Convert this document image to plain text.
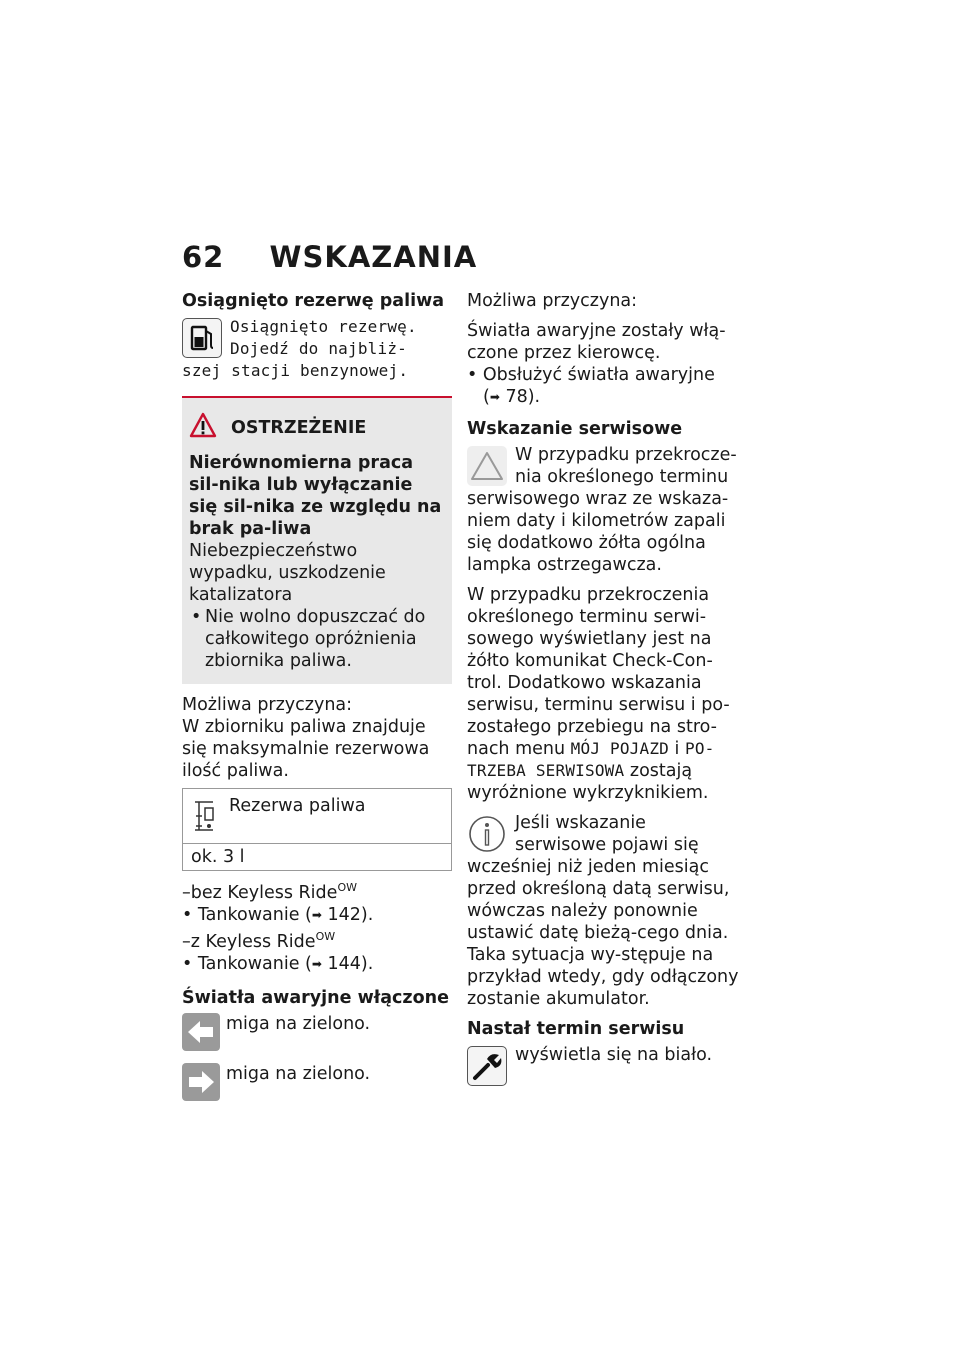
62 WSKAZANIA
Osiągnięto rezerwę paliwa
Osiągnięto rezerwę.
Dojedź do najbliż-
szej stacji benzynowej.
OSTRZEŻENIE

Nierównomierna praca sil-nika lub wyłączanie się sil-nika ze względu na brak pa-liwa

Niebezpieczeństwo wypadku, uszkodzenie katalizatora

• Nie wolno dopuszczać do całkowitego opróżnienia zbiornika paliwa.

Możliwa przyczyna:

W zbiorniku paliwa znajduje się maksymalnie rezerwowa ilość paliwa.

Rezerwa paliwa
ok. 3 l
–bez Keyless Ride$^{OW}$
• Tankowanie (➡ 142).
–z Keyless Ride$^{OW}$
• Tankowanie (➡ 144).
Światła awaryjne włączone
miga na zielono.
miga na zielono.

Możliwa przyczyna:

Światła awaryjne zostały włą-czone przez kierowcę.

• Obsłużyć światła awaryjne
(➡ 78).
Wskazanie serwisowe

W przypadku przekrocze-nia określonego terminu serwisowego wraz ze wskaza-niem daty i kilometrów zapali się dodatkowo żółta ogólna lampka ostrzegawcza.

W przypadku przekroczenia określonego terminu serwi-sowego wyświetlany jest na żółto komunikat Check-Con-trol. Dodatkowo wskazania serwisu, terminu serwisu i po-zostałego przebiegu na stro-nach menu MÓJ POJAZD i PO-TRZEBA SERWISOWA zostają wyróżnione wykrzyknikiem.

Jeśli wskazanie serwisowe pojawi się wcześniej niż jeden miesiąc przed określoną datą serwisu, wówczas należy ponownie ustawić datę bieżą-cego dnia. Taka sytuacja wy-stępuje na przykład wtedy, gdy odłączony zostanie akumulator.

Nastał termin serwisu
wyświetla się na biało.
